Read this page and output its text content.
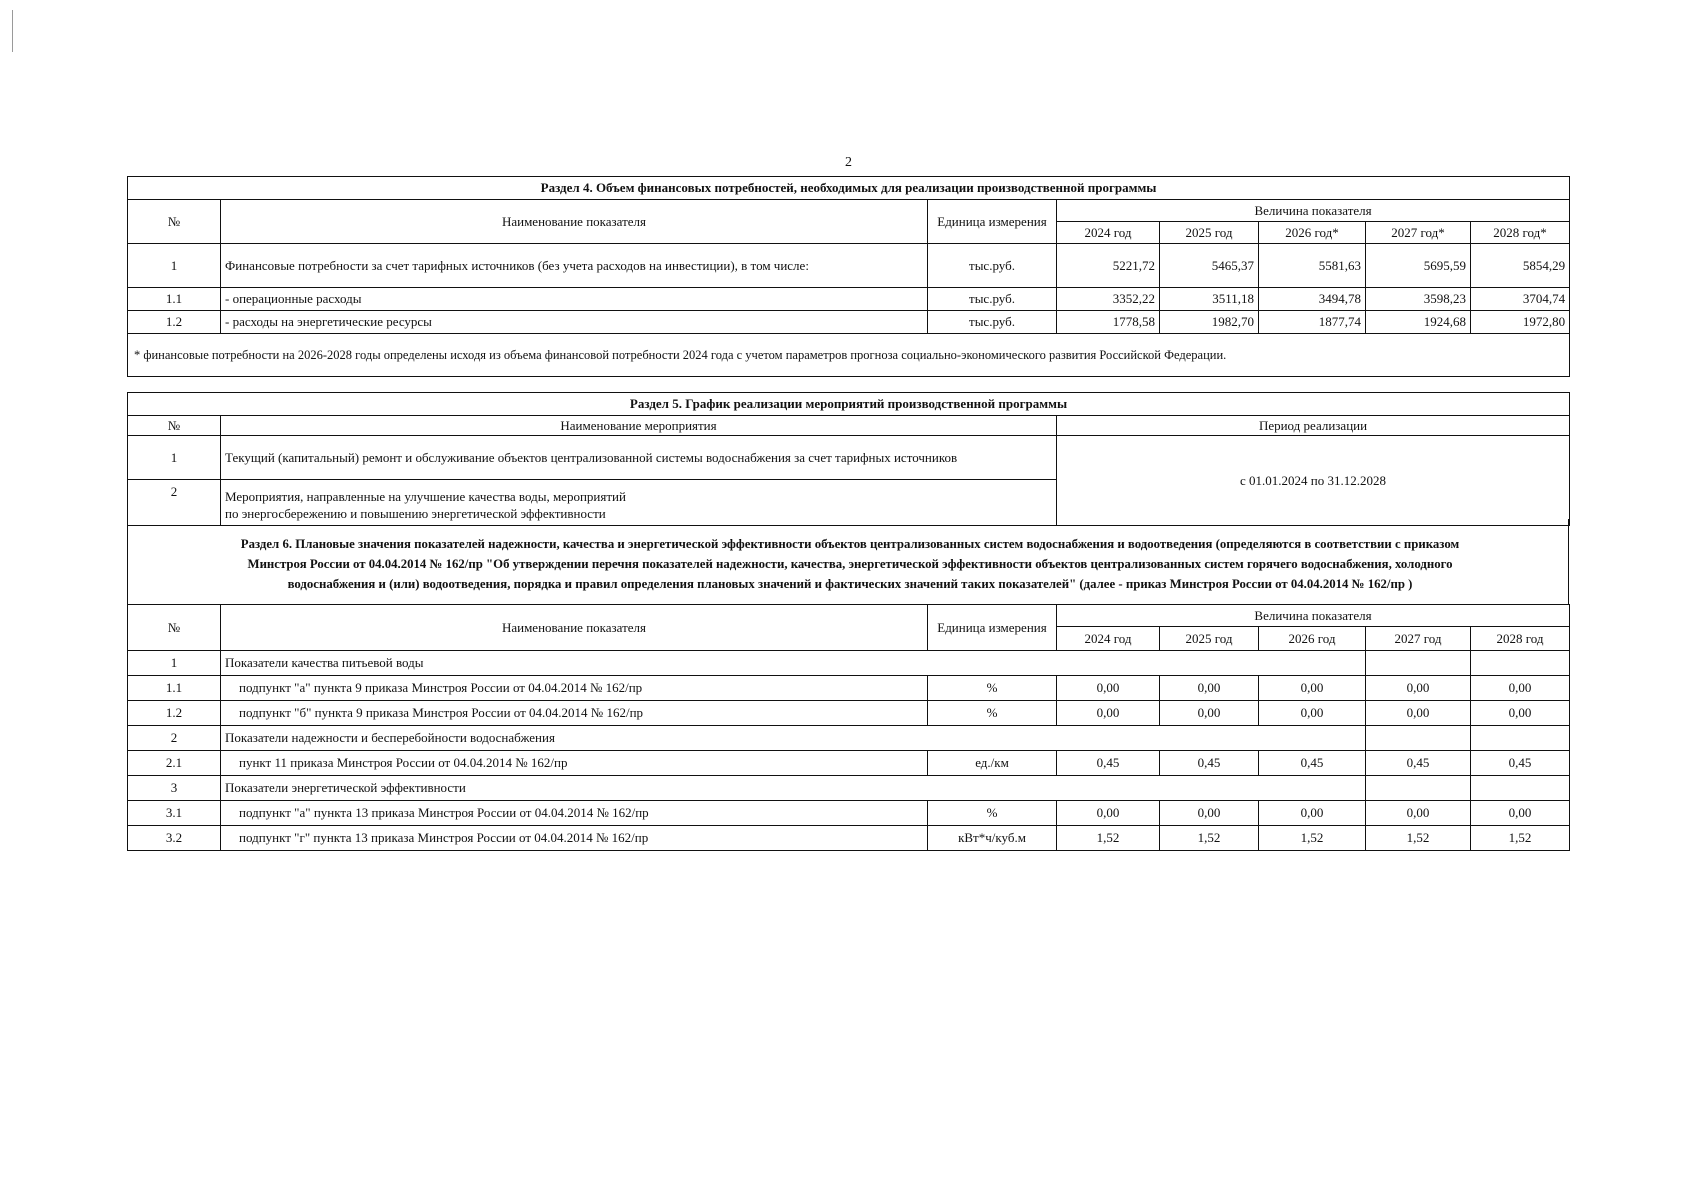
2
Раздел 4. Объем финансовых потребностей, необходимых для реализации производственной программы							
№	Наименование показателя	Единица измерения	Величина показателя				
			2024 год	2025 год	2026 год*	2027 год*	2028 год*
1	Финансовые потребности за счет тарифных источников (без учета расходов на инвестиции), в том числе:	тыс.руб.	5221,72	5465,37	5581,63	5695,59	5854,29
1.1	- операционные расходы	тыс.руб.	3352,22	3511,18	3494,78	3598,23	3704,74
1.2	- расходы на энергетические ресурсы	тыс.руб.	1778,58	1982,70	1877,74	1924,68	1972,80
* финансовые потребности на 2026-2028 годы определены исходя из объема финансовой потребности 2024 года с учетом параметров прогноза социально-экономического развития Российской Федерации.							
Раздел 5. График реализации мероприятий производственной программы		
№	Наименование мероприятия	Период реализации
1	Текущий (капитальный) ремонт и обслуживание объектов централизованной системы водоснабжения за счет тарифных источников	с 01.01.2024 по 31.12.2028
2	Мероприятия, направленные на улучшение качества воды, мероприятий
по энергосбережению и повышению энергетической эффективности	
Раздел 6. Плановые значения показателей надежности, качества и энергетической эффективности объектов централизованных систем водоснабжения и водоотведения (определяются в соответствии с приказом
Минстроя России от 04.04.2014 № 162/пр "Об утверждении перечня показателей надежности, качества, энергетической эффективности объектов централизованных систем горячего водоснабжения, холодного
водоснабжения и (или) водоотведения, порядка и правил определения плановых значений и фактических значений таких показателей" (далее - приказ Минстроя России от 04.04.2014 № 162/пр )
№	Наименование показателя	Единица измерения	Величина показателя				
			2024 год	2025 год	2026 год	2027 год	2028 год
1	Показатели качества питьевой воды						
1.1	подпункт "а" пункта 9 приказа Минстроя России от 04.04.2014 № 162/пр	%	0,00	0,00	0,00	0,00	0,00
1.2	подпункт "б" пункта 9 приказа Минстроя России от 04.04.2014 № 162/пр	%	0,00	0,00	0,00	0,00	0,00
2	Показатели надежности и бесперебойности водоснабжения						
2.1	пункт 11 приказа Минстроя России от 04.04.2014 № 162/пр	ед./км	0,45	0,45	0,45	0,45	0,45
3	Показатели энергетической эффективности						
3.1	подпункт "а" пункта 13 приказа Минстроя России от 04.04.2014 № 162/пр	%	0,00	0,00	0,00	0,00	0,00
3.2	подпункт "г" пункта 13 приказа Минстроя России от 04.04.2014 № 162/пр	кВт*ч/куб.м	1,52	1,52	1,52	1,52	1,52
